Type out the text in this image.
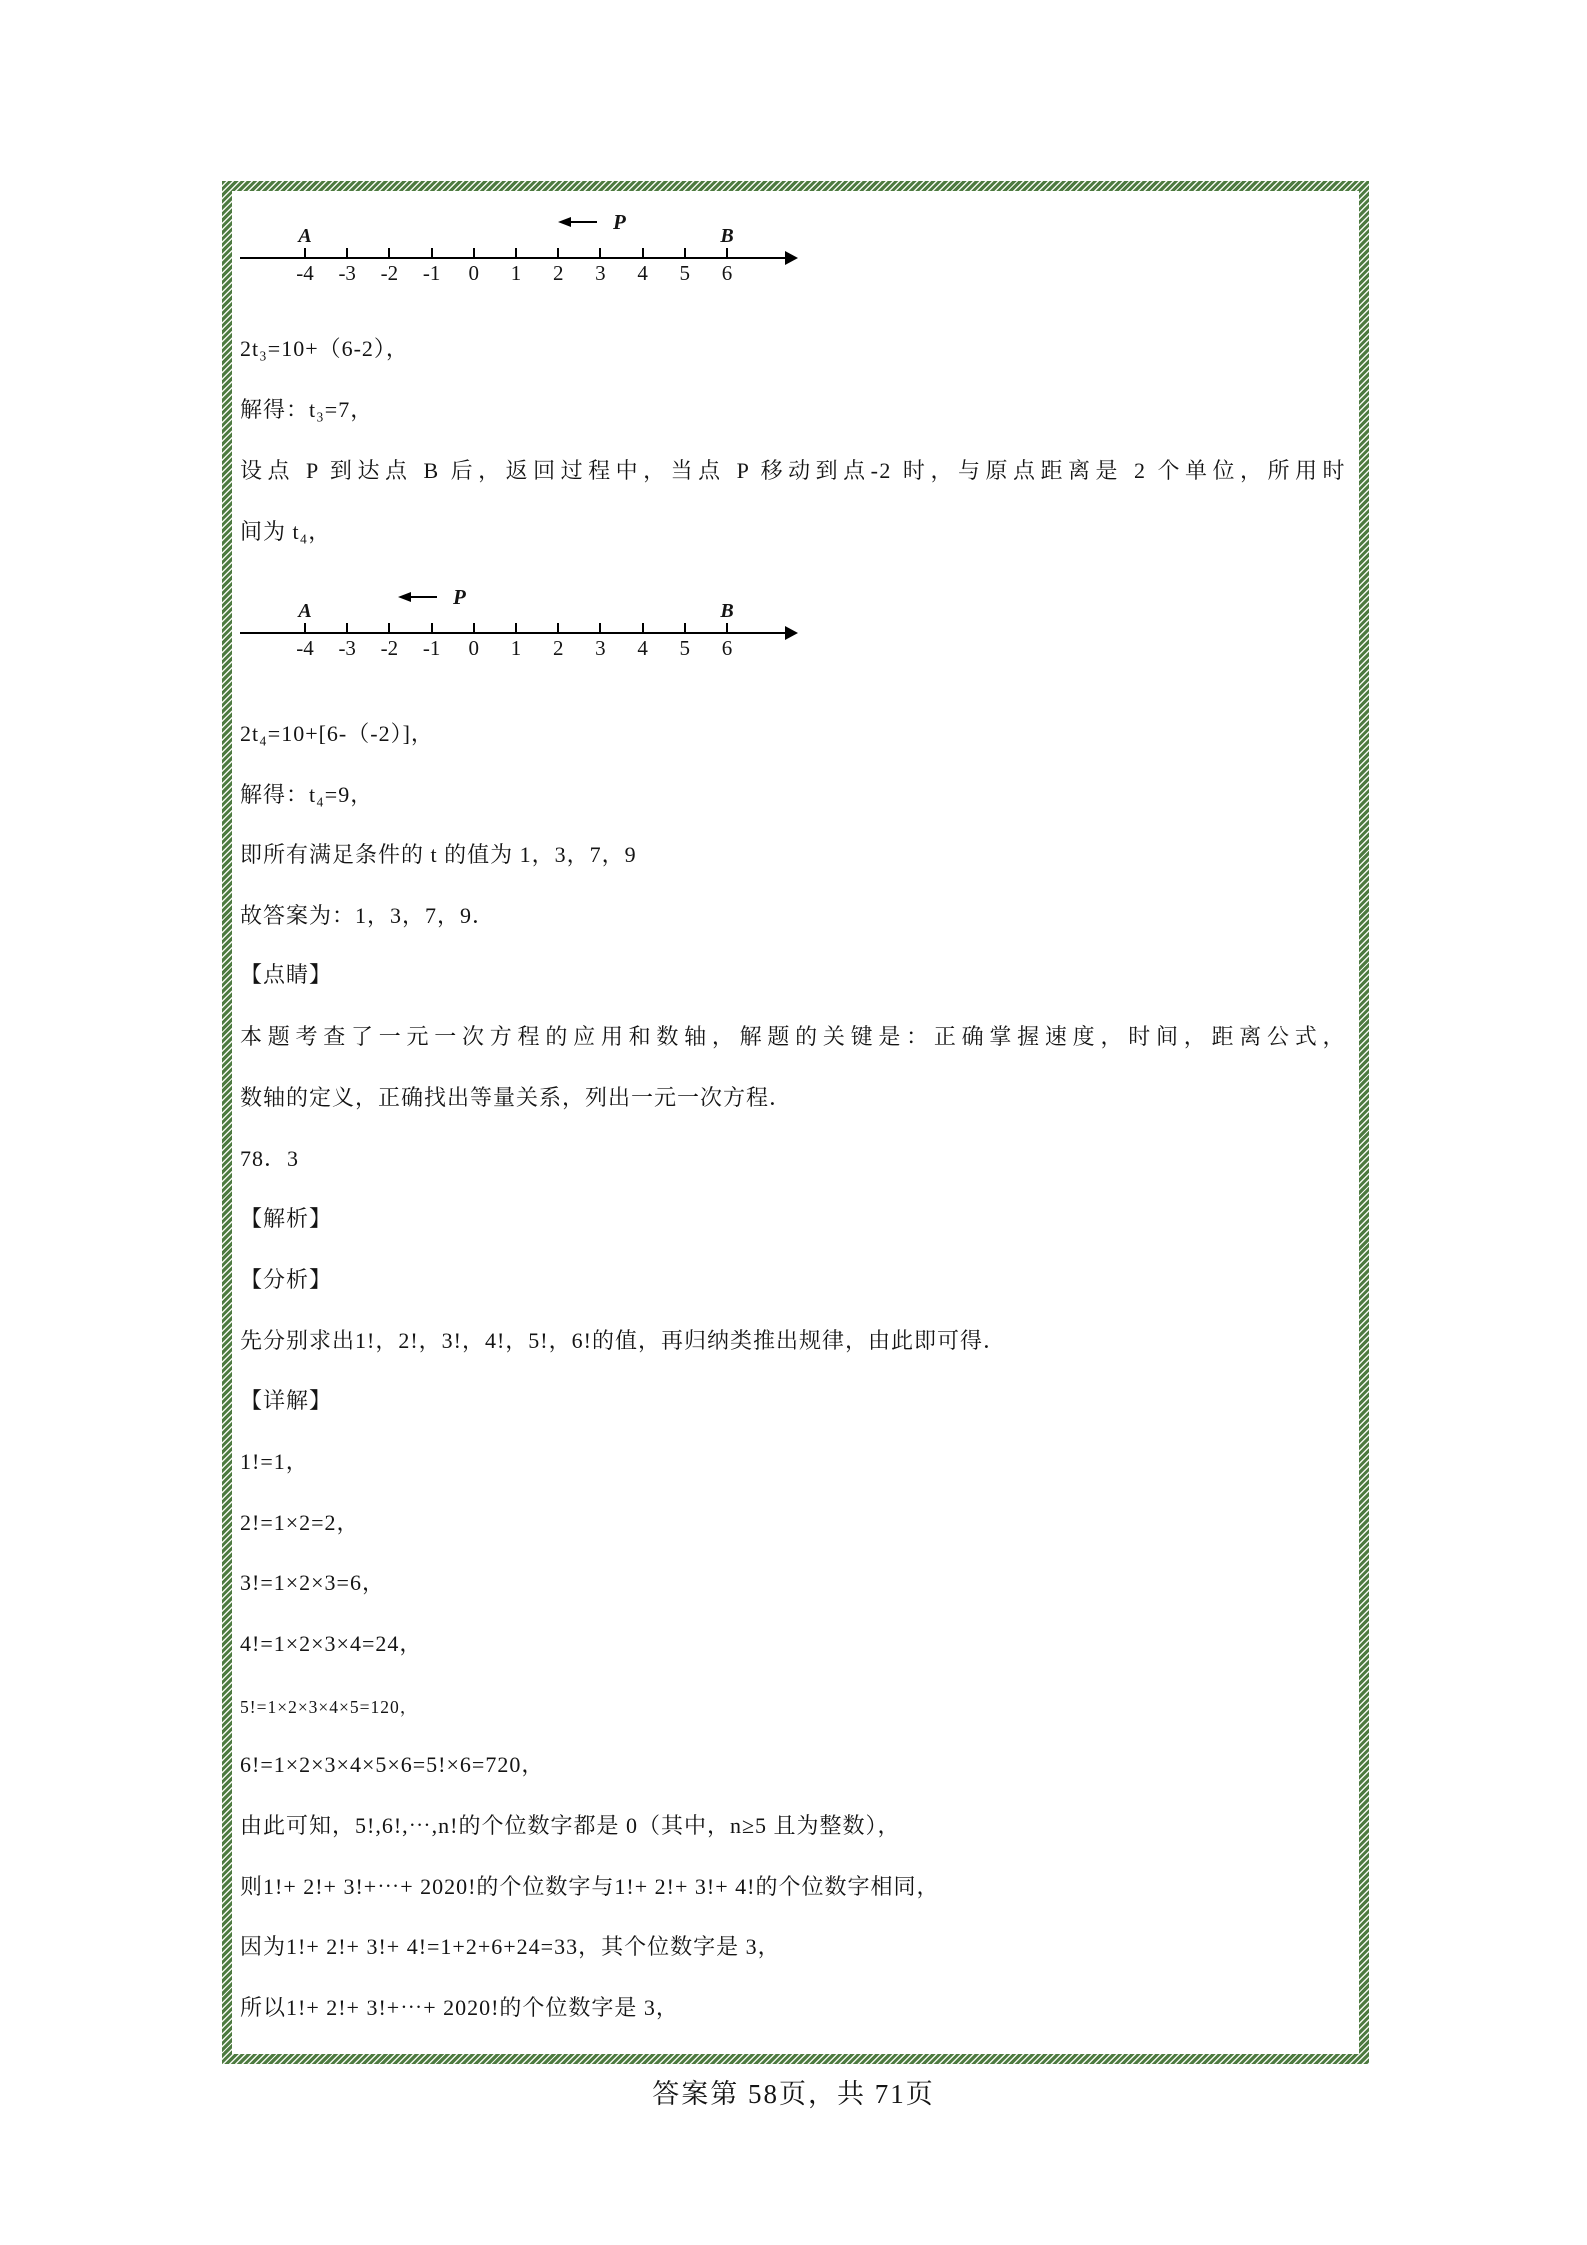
A	B
P
-4 -3 -2 -1 0 1 2 3 4 5 6
2t₃=10+（6-2），
解得：t₃=7，
设点 P 到达点 B 后，返回过程中，当点 P 移动到点-2 时，与原点距离是 2 个单位，所用时
间为 t₄，
A	B
P
-4 -3 -2 -1 0 1 2 3 4 5 6
2t₄=10+[6-（-2）]，
解得：t₄=9，
即所有满足条件的 t 的值为 1，3，7，9
故答案为：1，3，7，9．
【点睛】
本题考查了一元一次方程的应用和数轴，解题的关键是：正确掌握速度，时间，距离公式，
数轴的定义，正确找出等量关系，列出一元一次方程．
78．3
【解析】
【分析】
先分别求出1!，2!，3!，4!，5!，6!的值，再归纳类推出规律，由此即可得．
【详解】
1!=1，
2!=1×2=2，
3!=1×2×3=6，
4!=1×2×3×4=24，
5!=1×2×3×4×5=120，
6!=1×2×3×4×5×6=5!×6=720，
由此可知，5!,6!,⋯,n!的个位数字都是 0（其中，n≥5 且为整数），
则1!+ 2!+ 3!+⋯+ 2020!的个位数字与1!+ 2!+ 3!+ 4!的个位数字相同，
因为1!+ 2!+ 3!+ 4!=1+2+6+24=33，其个位数字是 3，
所以1!+ 2!+ 3!+⋯+ 2020!的个位数字是 3，
答案第 58页，共 71页
